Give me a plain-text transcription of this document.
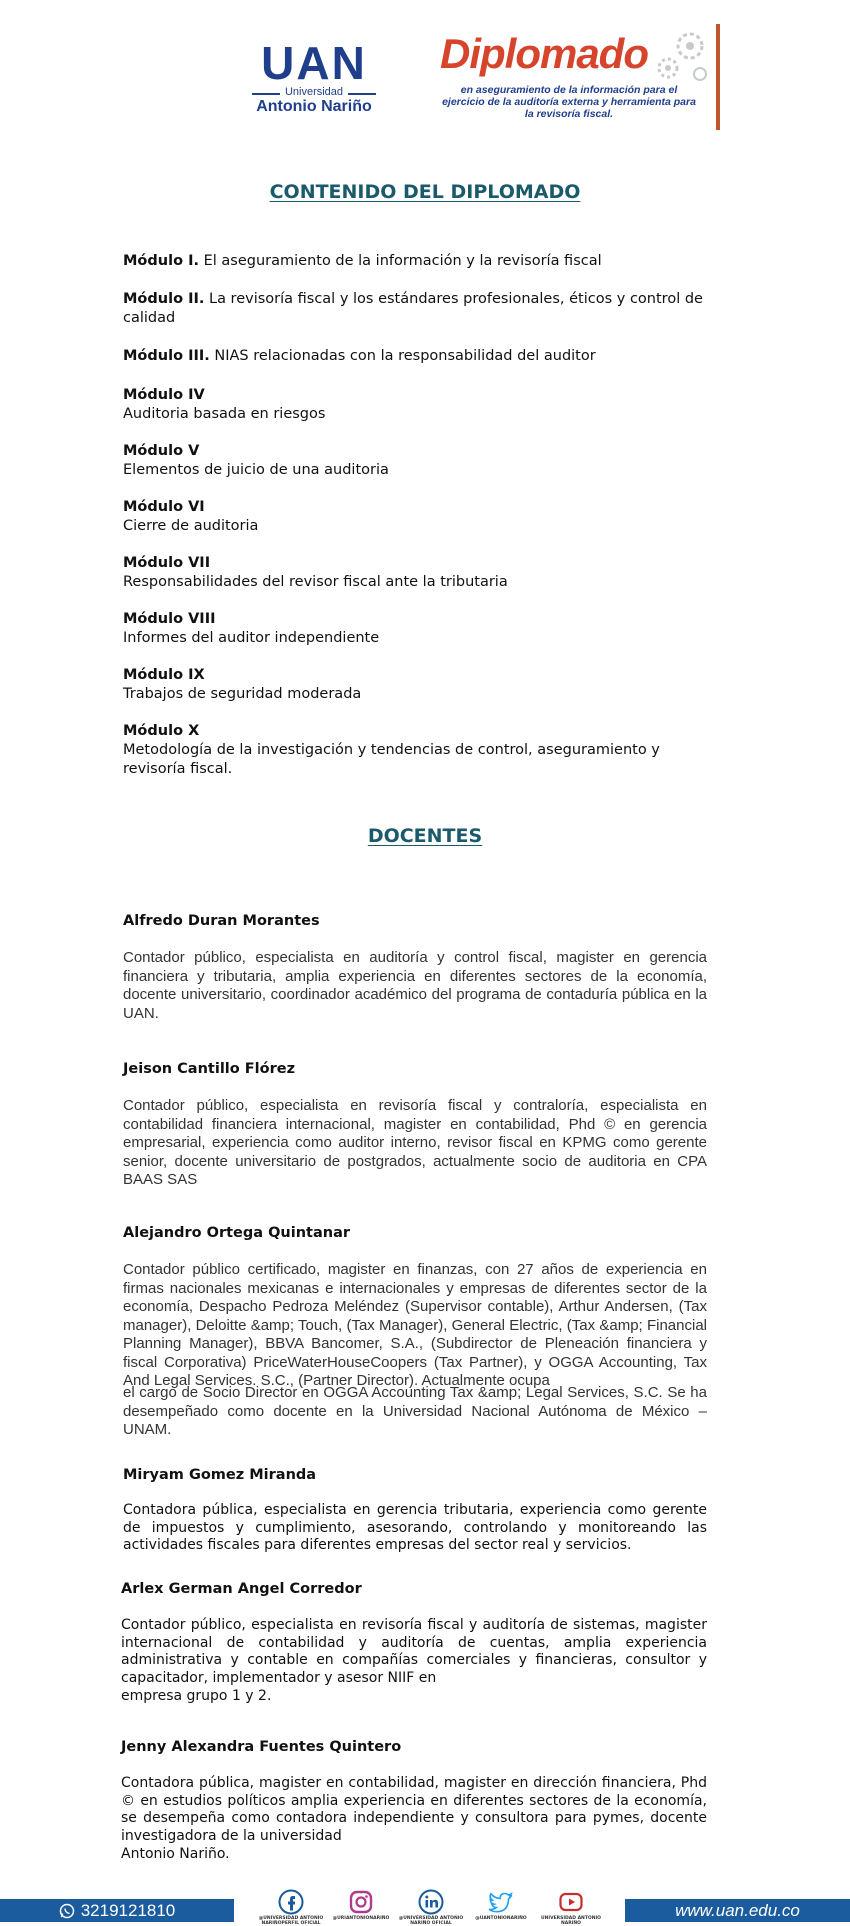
UAN
Universidad
Antonio Nariño
Diplomado
en aseguramiento de la información para el ejercicio de la auditoría externa y herramienta para la revisoría fiscal.
CONTENIDO DEL DIPLOMADO
Módulo I. El aseguramiento de la información y la revisoría fiscal
Módulo II. La revisoría fiscal y los estándares profesionales, éticos y control de calidad
Módulo III. NIAS relacionadas con la responsabilidad del auditor
Módulo IV
Auditoria basada en riesgos
Módulo V
Elementos de juicio de una auditoria
Módulo VI
Cierre de auditoria
Módulo VII
Responsabilidades del revisor fiscal ante la tributaria
Módulo VIII
Informes del auditor independiente
Módulo IX
Trabajos de seguridad moderada
Módulo X
Metodología de la investigación y tendencias de control, aseguramiento y revisoría fiscal.
DOCENTES
Alfredo Duran Morantes
Contador público, especialista en auditoría y control fiscal, magister en gerencia financiera y tributaria, amplia experiencia en diferentes sectores de la economía, docente universitario, coordinador académico del programa de contaduría pública en la UAN.
Jeison Cantillo Flórez
Contador público, especialista en revisoría fiscal y contraloría, especialista en contabilidad financiera internacional, magister en contabilidad, Phd © en gerencia empresarial, experiencia como auditor interno, revisor fiscal en KPMG como gerente senior, docente universitario de postgrados, actualmente socio de auditoria en CPA BAAS SAS
Alejandro Ortega Quintanar
Contador público certificado, magister en finanzas, con 27 años de experiencia en firmas nacionales mexicanas e internacionales y empresas de diferentes sector de la economía, Despacho Pedroza Meléndez (Supervisor contable), Arthur Andersen, (Tax manager), Deloitte &amp; Touch, (Tax Manager), General Electric, (Tax &amp; Financial Planning Manager), BBVA Bancomer, S.A., (Subdirector de Pleneación financiera y fiscal Corporativa) PriceWaterHouseCoopers (Tax Partner), y OGGA Accounting, Tax And Legal Services. S.C., (Partner Director). Actualmente ocupa
el cargo de Socio Director en OGGA Accounting Tax &amp; Legal Services, S.C. Se ha desempeñado como docente en la Universidad Nacional Autónoma de México – UNAM.
Miryam Gomez Miranda
Contadora pública, especialista en gerencia tributaria, experiencia como gerente de impuestos y cumplimiento, asesorando, controlando y monitoreando las actividades fiscales para diferentes empresas del sector real y servicios.
Arlex German Angel Corredor
Contador público, especialista en revisoría fiscal y auditoría de sistemas, magister internacional de contabilidad y auditoría de cuentas, amplia experiencia administrativa y contable en compañías comerciales y financieras, consultor y capacitador, implementador y asesor NIIF en
empresa grupo 1 y 2.
Jenny Alexandra Fuentes Quintero
Contadora pública, magister en contabilidad, magister en dirección financiera, Phd © en estudios políticos amplia experiencia en diferentes sectores de la economía, se desempeña como contadora independiente y consultora para pymes, docente investigadora de la universidad
Antonio Nariño.
3219121810	@UNIVERSIDAD ANTONIO NARIÑOPERFIL OFICIAL
@URIANTONIONARIÑO	@UNIVERSIDAD ANTONIO NARIÑO OFICIAL
@UANTONIONARIÑO	UNIVERSIDAD ANTONIO NARIÑO
www.uan.edu.co
